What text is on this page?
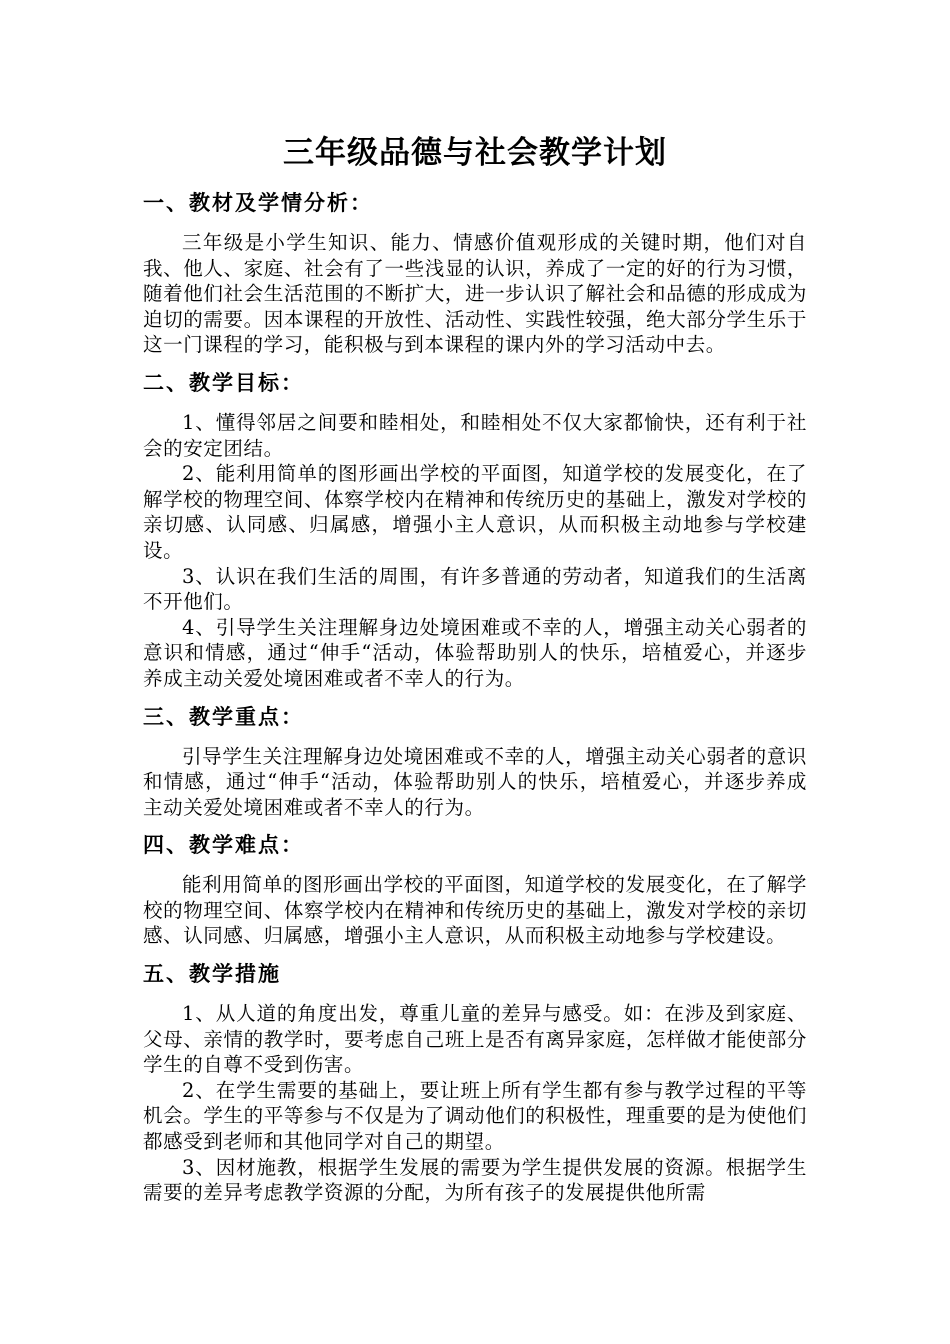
三年级品德与社会教学计划
一、教材及学情分析：

三年级是小学生知识、能力、情感价值观形成的关键时期，他们对自我、他人、家庭、社会有了一些浅显的认识，养成了一定的好的行为习惯，随着他们社会生活范围的不断扩大，进一步认识了解社会和品德的形成成为迫切的需要。因本课程的开放性、活动性、实践性较强，绝大部分学生乐于这一门课程的学习，能积极与到本课程的课内外的学习活动中去。

二、教学目标：

1、懂得邻居之间要和睦相处，和睦相处不仅大家都愉快，还有利于社会的安定团结。

2、能利用简单的图形画出学校的平面图，知道学校的发展变化，在了解学校的物理空间、体察学校内在精神和传统历史的基础上，激发对学校的亲切感、认同感、归属感，增强小主人意识，从而积极主动地参与学校建设。

3、认识在我们生活的周围，有许多普通的劳动者，知道我们的生活离不开他们。

4、引导学生关注理解身边处境困难或不幸的人，增强主动关心弱者的意识和情感，通过“伸手“活动，体验帮助别人的快乐，培植爱心，并逐步养成主动关爱处境困难或者不幸人的行为。

三、教学重点：

引导学生关注理解身边处境困难或不幸的人，增强主动关心弱者的意识和情感，通过“伸手“活动，体验帮助别人的快乐，培植爱心，并逐步养成主动关爱处境困难或者不幸人的行为。

四、教学难点：

能利用简单的图形画出学校的平面图，知道学校的发展变化，在了解学校的物理空间、体察学校内在精神和传统历史的基础上，激发对学校的亲切感、认同感、归属感，增强小主人意识，从而积极主动地参与学校建设。

五、教学措施

1、从人道的角度出发，尊重儿童的差异与感受。如：在涉及到家庭、父母、亲情的教学时，要考虑自己班上是否有离异家庭，怎样做才能使部分学生的自尊不受到伤害。

2、在学生需要的基础上，要让班上所有学生都有参与教学过程的平等机会。学生的平等参与不仅是为了调动他们的积极性，理重要的是为使他们都感受到老师和其他同学对自己的期望。

3、因材施教，根据学生发展的需要为学生提供发展的资源。根据学生需要的差异考虑教学资源的分配，为所有孩子的发展提供他所需
